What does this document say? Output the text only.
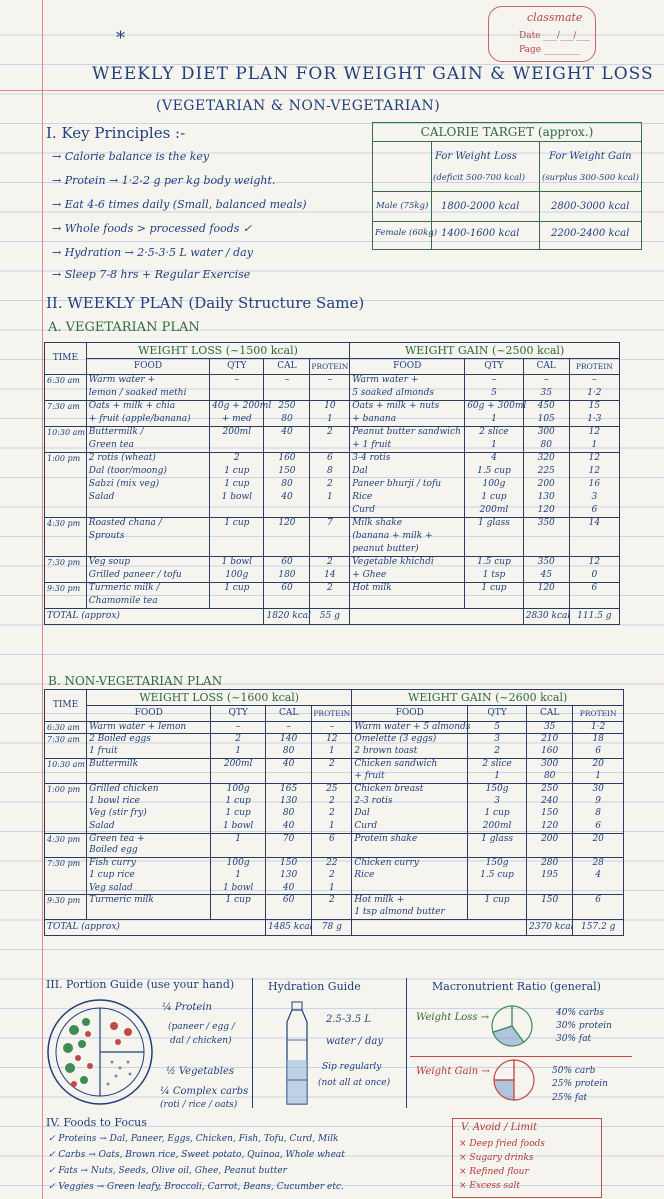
*
classmate
Date ___/___/___
Page ________
WEEKLY DIET PLAN FOR WEIGHT GAIN & WEIGHT LOSS
(VEGETARIAN & NON-VEGETARIAN)
I. Key Principles :-
→ Calorie balance is the key
→ Protein → 1·2-2 g per kg body weight.
→ Eat 4-6 times daily (Small, balanced meals)
→ Whole foods > processed foods ✓
→ Hydration → 2·5-3·5 L water / day
→ Sleep 7-8 hrs + Regular Exercise
CALORIE TARGET (approx.)
For Weight Loss
(deficit 500-700 kcal)
For Weight Gain
(surplus 300-500 kcal)
Male (75kg) 1800-2000 kcal	2800-3000 kcal
Female (60kg) 1400-1600 kcal	2200-2400 kcal
II. WEEKLY PLAN (Daily Structure Same)
A. VEGETARIAN PLAN
TIME	WEIGHT LOSS (~1500 kcal)				WEIGHT GAIN (~2500 kcal)			
	FOOD	QTY	CAL	PROTEIN	FOOD	QTY	CAL	PROTEIN
6:30 am	Warm water +	–	–	–	Warm water +	–	–	–
	lemon / soaked methi				5 soaked almonds	5	35	1·2
7:30 am	Oats + milk + chia	40g + 200ml	250	10	Oats + milk + nuts	60g + 300ml	450	15
	+ fruit (apple/banana)	+ med	80	1	+ banana	1	105	1·3
10:30 am	Buttermilk /	200ml	40	2	Peanut butter sandwich	2 slice	300	12
	Green tea				+ 1 fruit	1	80	1
1:00 pm	2 rotis (wheat)	2	160	6	3-4 rotis	4	320	12
	Dal (toor/moong)	1 cup	150	8	Dal	1.5 cup	225	12
	Sabzi (mix veg)	1 cup	80	2	Paneer bhurji / tofu	100g	200	16
	Salad	1 bowl	40	1	Rice	1 cup	130	3
					Curd	200ml	120	6
4:30 pm	Roasted chana /	1 cup	120	7	Milk shake	1 glass	350	14
	Sprouts				(banana + milk +			
					peanut butter)			
7:30 pm	Veg soup	1 bowl	60	2	Vegetable khichdi	1.5 cup	350	12
	Grilled paneer / tofu	100g	180	14	+ Ghee	1 tsp	45	0
9:30 pm	Turmeric milk /	1 cup	60	2	Hot milk	1 cup	120	6
	Chamomile tea							
TOTAL (approx)			1820 kcal	55 g			2830 kcal	111.5 g
B. NON-VEGETARIAN PLAN
TIME	WEIGHT LOSS (~1600 kcal)				WEIGHT GAIN (~2600 kcal)			
	FOOD	QTY	CAL	PROTEIN	FOOD	QTY	CAL	PROTEIN
6:30 am	Warm water + lemon	–	–	–	Warm water + 5 almonds	5	35	1·2
7:30 am	2 Boiled eggs	2	140	12	Omelette (3 eggs)	3	210	18
	1 fruit	1	80	1	2 brown toast	2	160	6
10:30 am	Buttermilk	200ml	40	2	Chicken sandwich	2 slice	300	20
					+ fruit	1	80	1
1:00 pm	Grilled chicken	100g	165	25	Chicken breast	150g	250	30
	1 bowl rice	1 cup	130	2	2-3 rotis	3	240	9
	Veg (stir fry)	1 cup	80	2	Dal	1 cup	150	8
	Salad	1 bowl	40	1	Curd	200ml	120	6
4:30 pm	Green tea +	1	70	6	Protein shake	1 glass	200	20
	Boiled egg							
7:30 pm	Fish curry	100g	150	22	Chicken curry	150g	280	28
	1 cup rice	1	130	2	Rice	1.5 cup	195	4
	Veg salad	1 bowl	40	1				
9:30 pm	Turmeric milk	1 cup	60	2	Hot milk +	1 cup	150	6
					1 tsp almond butter			
TOTAL (approx)			1485 kcal	78 g			2370 kcal	157.2 g
III. Portion Guide (use your hand)
¼ Protein
(paneer / egg /
dal / chicken)
½ Vegetables
¼ Complex carbs
(roti / rice / oats)
Hydration Guide
2.5-3.5 L
water / day
Sip regularly
(not all at once)
Macronutrient Ratio (general)
Weight Loss →	40% carbs
30% protein
30% fat
Weight Gain →	50% carb
25% protein
25% fat
IV. Foods to Focus
✓ Proteins → Dal, Paneer, Eggs, Chicken, Fish, Tofu, Curd, Milk
✓ Carbs → Oats, Brown rice, Sweet potato, Quinoa, Whole wheat
✓ Fats → Nuts, Seeds, Olive oil, Ghee, Peanut butter
✓ Veggies → Green leafy, Broccoli, Carrot, Beans, Cucumber etc.
V. Avoid / Limit
× Deep fried foods
× Sugary drinks
× Refined flour
× Excess salt
